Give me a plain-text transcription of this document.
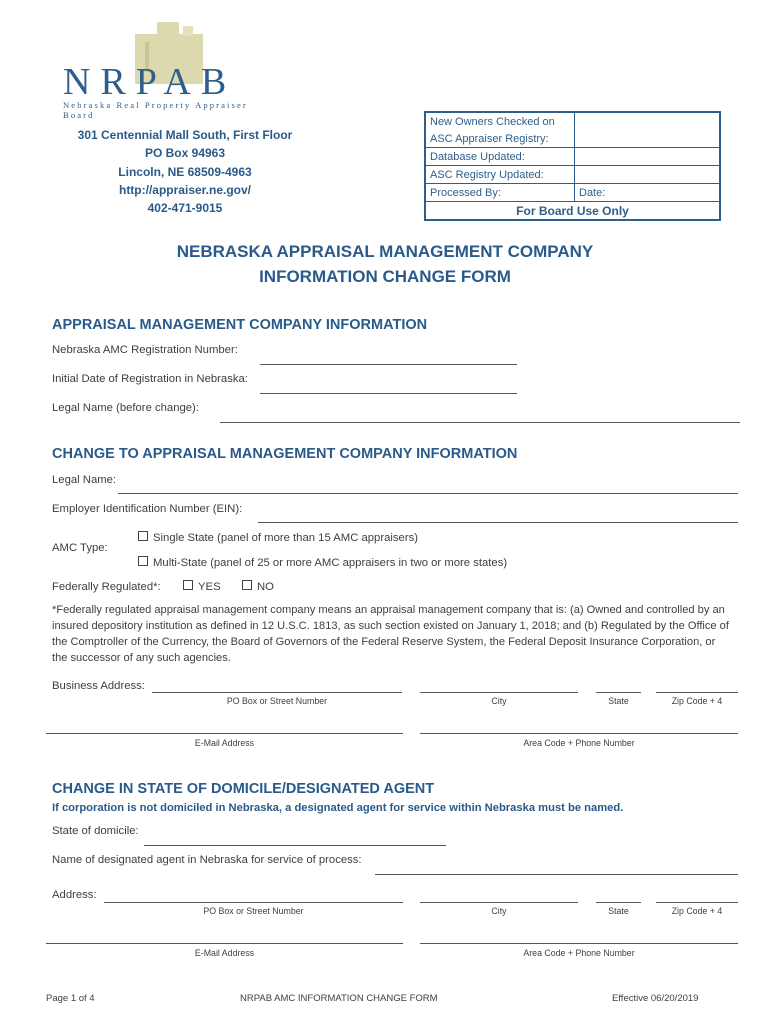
NRPAB
Nebraska Real Property Appraiser Board
301 Centennial Mall South, First Floor
PO Box 94963
Lincoln, NE 68509-4963
http://appraiser.ne.gov/
402-471-9015
New Owners Checked on	
ASC Appraiser Registry:	
Database Updated:	
ASC Registry Updated:	
Processed By:	Date:
For Board Use Only	
NEBRASKA APPRAISAL MANAGEMENT COMPANY
INFORMATION CHANGE FORM
APPRAISAL MANAGEMENT COMPANY INFORMATION
Nebraska AMC Registration Number:
Initial Date of Registration in Nebraska:
Legal Name (before change):
CHANGE TO APPRAISAL MANAGEMENT COMPANY INFORMATION
Legal Name:
Employer Identification Number (EIN):
AMC Type:
Single State (panel of more than 15 AMC appraisers)
Multi-State (panel of 25 or more AMC appraisers in two or more states)
Federally Regulated*:	YES	NO
*Federally regulated appraisal management company means an appraisal management company that is: (a) Owned and controlled by an insured depository institution as defined in 12 U.S.C. 1813, as such section existed on January 1, 2018; and (b) Regulated by the Office of the Comptroller of the Currency, the Board of Governors of the Federal Reserve System, the Federal Deposit Insurance Corporation, or the successor of any such agencies.
Business Address:
PO Box or Street Number	City	State	Zip Code + 4
E-Mail Address	Area Code + Phone Number
CHANGE IN STATE OF DOMICILE/DESIGNATED AGENT
If corporation is not domiciled in Nebraska, a designated agent for service within Nebraska must be named.
State of domicile:
Name of designated agent in Nebraska for service of process:
Address:
PO Box or Street Number	City	State	Zip Code + 4
E-Mail Address	Area Code + Phone Number
Page 1 of 4	NRPAB AMC INFORMATION CHANGE FORM	Effective 06/20/2019
